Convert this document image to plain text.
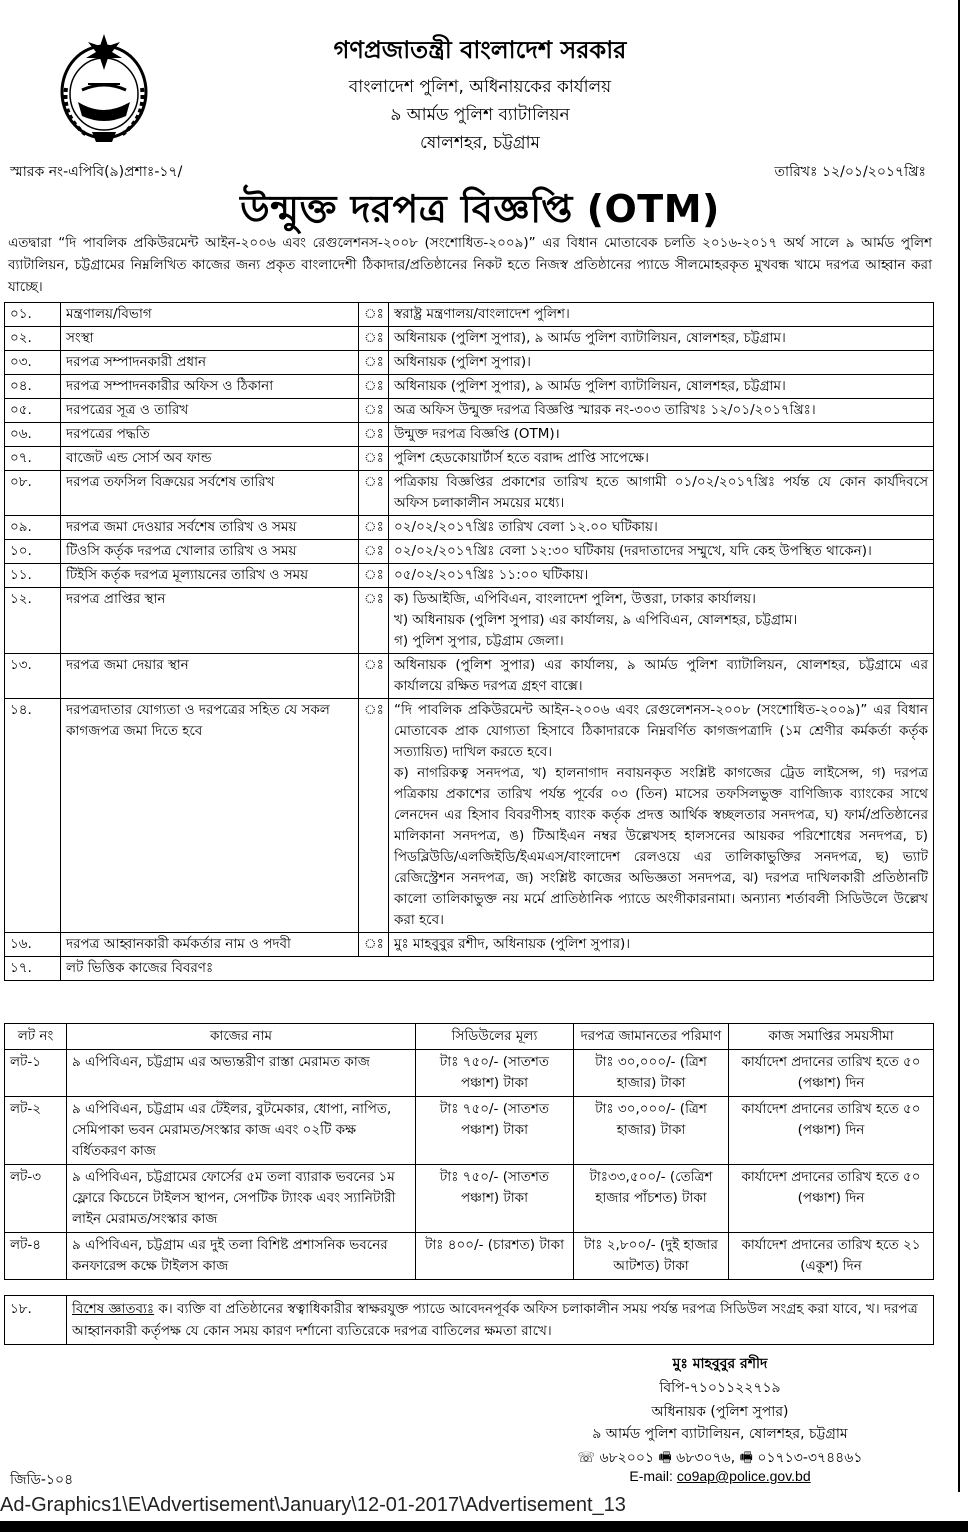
গণপ্রজাতন্ত্রী বাংলাদেশ সরকার
বাংলাদেশ পুলিশ, অধিনায়কের কার্যালয়
৯ আর্মড পুলিশ ব্যাটালিয়ন
ষোলশহর, চট্টগ্রাম
স্মারক নং-এপিবি(৯)প্রশাঃ-১৭/	তারিখঃ ১২/০১/২০১৭খ্রিঃ
উন্মুক্ত দরপত্র বিজ্ঞপ্তি (OTM)
এতদ্বারা “দি পাবলিক প্রকিউরমেন্ট আইন-২০০৬ এবং রেগুলেশনস-২০০৮ (সংশোধিত-২০০৯)” এর বিধান মোতাবেক চলতি ২০১৬-২০১৭ অর্থ সালে ৯ আর্মড পুলিশ ব্যাটালিয়ন, চট্টগ্রামের নিম্নলিখিত কাজের জন্য প্রকৃত বাংলাদেশী ঠিকাদার/প্রতিষ্ঠানের নিকট হতে নিজস্ব প্রতিষ্ঠানের প্যাডে সীলমোহরকৃত মুখবন্ধ খামে দরপত্র আহ্বান করা যাচ্ছে।
০১.	মন্ত্রণালয়/বিভাগ	ঃ	স্বরাষ্ট্র মন্ত্রণালয়/বাংলাদেশ পুলিশ।
০২.	সংস্থা	ঃ	অধিনায়ক (পুলিশ সুপার), ৯ আর্মড পুলিশ ব্যাটালিয়ন, ষোলশহর, চট্টগ্রাম।
০৩.	দরপত্র সম্পাদনকারী প্রধান	ঃ	অধিনায়ক (পুলিশ সুপার)।
০৪.	দরপত্র সম্পাদনকারীর অফিস ও ঠিকানা	ঃ	অধিনায়ক (পুলিশ সুপার), ৯ আর্মড পুলিশ ব্যাটালিয়ন, ষোলশহর, চট্টগ্রাম।
০৫.	দরপত্রের সূত্র ও তারিখ	ঃ	অত্র অফিস উন্মুক্ত দরপত্র বিজ্ঞপ্তি স্মারক নং-৩০৩ তারিখঃ ১২/০১/২০১৭খ্রিঃ।
০৬.	দরপত্রের পদ্ধতি	ঃ	উন্মুক্ত দরপত্র বিজ্ঞপ্তি (OTM)।
০৭.	বাজেট এন্ড সোর্স অব ফান্ড	ঃ	পুলিশ হেডকোয়ার্টার্স হতে বরাদ্দ প্রাপ্তি সাপেক্ষে।
০৮.	দরপত্র তফসিল বিক্রয়ের সর্বশেষ তারিখ	ঃ	পত্রিকায় বিজ্ঞপ্তির প্রকাশের তারিখ হতে আগামী ০১/০২/২০১৭খ্রিঃ পর্যন্ত যে কোন কার্যদিবসে অফিস চলাকালীন সময়ের মধ্যে।
০৯.	দরপত্র জমা দেওয়ার সর্বশেষ তারিখ ও সময়	ঃ	০২/০২/২০১৭খ্রিঃ তারিখ বেলা ১২.০০ ঘটিকায়।
১০.	টিওসি কর্তৃক দরপত্র খোলার তারিখ ও সময়	ঃ	০২/০২/২০১৭খ্রিঃ বেলা ১২:৩০ ঘটিকায় (দরদাতাদের সম্মুখে, যদি কেহ উপস্থিত থাকেন)।
১১.	টিইসি কর্তৃক দরপত্র মূল্যায়নের তারিখ ও সময়	ঃ	০৫/০২/২০১৭খ্রিঃ ১১:০০ ঘটিকায়।
১২.	দরপত্র প্রাপ্তির স্থান	ঃ	ক) ডিআইজি, এপিবিএন, বাংলাদেশ পুলিশ, উত্তরা, ঢাকার কার্যালয়।
খ) অধিনায়ক (পুলিশ সুপার) এর কার্যালয়, ৯ এপিবিএন, ষোলশহর, চট্টগ্রাম।
গ) পুলিশ সুপার, চট্টগ্রাম জেলা।

১৩.	দরপত্র জমা দেয়ার স্থান	ঃ	অধিনায়ক (পুলিশ সুপার) এর কার্যালয়, ৯ আর্মড পুলিশ ব্যাটালিয়ন, ষোলশহর, চট্টগ্রামে এর কার্যালয়ে রক্ষিত দরপত্র গ্রহণ বাক্সে।
১৪.	দরপত্রদাতার যোগ্যতা ও দরপত্রের সহিত যে সকল কাগজপত্র জমা দিতে হবে	ঃ	“দি পাবলিক প্রকিউরমেন্ট আইন-২০০৬ এবং রেগুলেশনস-২০০৮ (সংশোধিত-২০০৯)” এর বিধান মোতাবেক প্রাক যোগ্যতা হিসাবে ঠিকাদারকে নিম্নবর্ণিত কাগজপত্রাদি (১ম শ্রেণীর কর্মকর্তা কর্তৃক সত্যায়িত) দাখিল করতে হবে।
ক) নাগরিকত্ব সনদপত্র, খ) হালনাগাদ নবায়নকৃত সংশ্লিষ্ট কাগজের ট্রেড লাইসেন্স, গ) দরপত্র পত্রিকায় প্রকাশের তারিখ পর্যন্ত পূর্বের ০৩ (তিন) মাসের তফসিলভুক্ত বাণিজ্যিক ব্যাংকের সাথে লেনদেন এর হিসাব বিবরণীসহ ব্যাংক কর্তৃক প্রদত্ত আর্থিক স্বচ্ছলতার সনদপত্র, ঘ) ফার্ম/প্রতিষ্ঠানের মালিকানা সনদপত্র, ঙ) টিআইএন নম্বর উল্লেখসহ হালসনের আয়কর পরিশোধের সনদপত্র, চ) পিডব্লিউডি/এলজিইডি/ইএমএস/বাংলাদেশ রেলওয়ে এর তালিকাভুক্তির সনদপত্র, ছ) ভ্যাট রেজিস্ট্রেশন সনদপত্র, জ) সংশ্লিষ্ট কাজের অভিজ্ঞতা সনদপত্র, ঝ) দরপত্র দাখিলকারী প্রতিষ্ঠানটি কালো তালিকাভুক্ত নয় মর্মে প্রাতিষ্ঠানিক প্যাডে অংগীকারনামা। অন্যান্য শর্তাবলী সিডিউলে উল্লেখ করা হবে।

১৬.	দরপত্র আহ্বানকারী কর্মকর্তার নাম ও পদবী	ঃ	মুঃ মাহবুবুর রশীদ, অধিনায়ক (পুলিশ সুপার)।
১৭.	লট ভিত্তিক কাজের বিবরণঃ		
লট নং	কাজের নাম	সিডিউলের মূল্য	দরপত্র জামানতের পরিমাণ	কাজ সমাপ্তির সময়সীমা
লট-১	৯ এপিবিএন, চট্টগ্রাম এর অভ্যন্তরীণ রাস্তা মেরামত কাজ	টাঃ ৭৫০/- (সাতশত পঞ্চাশ) টাকা	টাঃ ৩০,০০০/- (ত্রিশ হাজার) টাকা	কার্যাদেশ প্রদানের তারিখ হতে ৫০ (পঞ্চাশ) দিন
লট-২	৯ এপিবিএন, চট্টগ্রাম এর টেইলর, বুটমেকার, ধোপা, নাপিত, সেমিপাকা ভবন মেরামত/সংস্কার কাজ এবং ০২টি কক্ষ বর্ধিতকরণ কাজ	টাঃ ৭৫০/- (সাতশত পঞ্চাশ) টাকা	টাঃ ৩০,০০০/- (ত্রিশ হাজার) টাকা	কার্যাদেশ প্রদানের তারিখ হতে ৫০ (পঞ্চাশ) দিন
লট-৩	৯ এপিবিএন, চট্টগ্রামের ফোর্সের ৫ম তলা ব্যারাক ভবনের ১ম ফ্লোরে কিচেনে টাইলস স্থাপন, সেপটিক ট্যাংক এবং স্যানিটারী লাইন মেরামত/সংস্কার কাজ	টাঃ ৭৫০/- (সাতশত পঞ্চাশ) টাকা	টাঃ৩৩,৫০০/- (তেত্রিশ হাজার পাঁচশত) টাকা	কার্যাদেশ প্রদানের তারিখ হতে ৫০ (পঞ্চাশ) দিন
লট-৪	৯ এপিবিএন, চট্টগ্রাম এর দুই তলা বিশিষ্ট প্রশাসনিক ভবনের কনফারেন্স কক্ষে টাইলস কাজ	টাঃ ৪০০/- (চারশত) টাকা	টাঃ ২,৮০০/- (দুই হাজার আটশত) টাকা	কার্যাদেশ প্রদানের তারিখ হতে ২১ (একুশ) দিন
১৮.	বিশেষ জ্ঞাতব্যঃ ক। ব্যক্তি বা প্রতিষ্ঠানের স্বত্বাধিকারীর স্বাক্ষরযুক্ত প্যাডে আবেদনপূর্বক অফিস চলাকালীন সময় পর্যন্ত দরপত্র সিডিউল সংগ্রহ করা যাবে, খ। দরপত্র আহ্বানকারী কর্তৃপক্ষ যে কোন সময় কারণ দর্শানো ব্যতিরেকে দরপত্র বাতিলের ক্ষমতা রাখে।
মুঃ মাহবুবুর রশীদ
বিপি-৭১০১১২২৭১৯
অধিনায়ক (পুলিশ সুপার)
৯ আর্মড পুলিশ ব্যাটালিয়ন, ষোলশহর, চট্টগ্রাম
☏ ৬৮২০০১ 🖷 ৬৮৩০৭৬, 🖷 ০১৭১৩-৩৭৪৪৬১
E-mail: co9ap@police.gov.bd
জিডি-১০৪
Ad-Graphics1\E\Advertisement\January\12-01-2017\Advertisement_13
